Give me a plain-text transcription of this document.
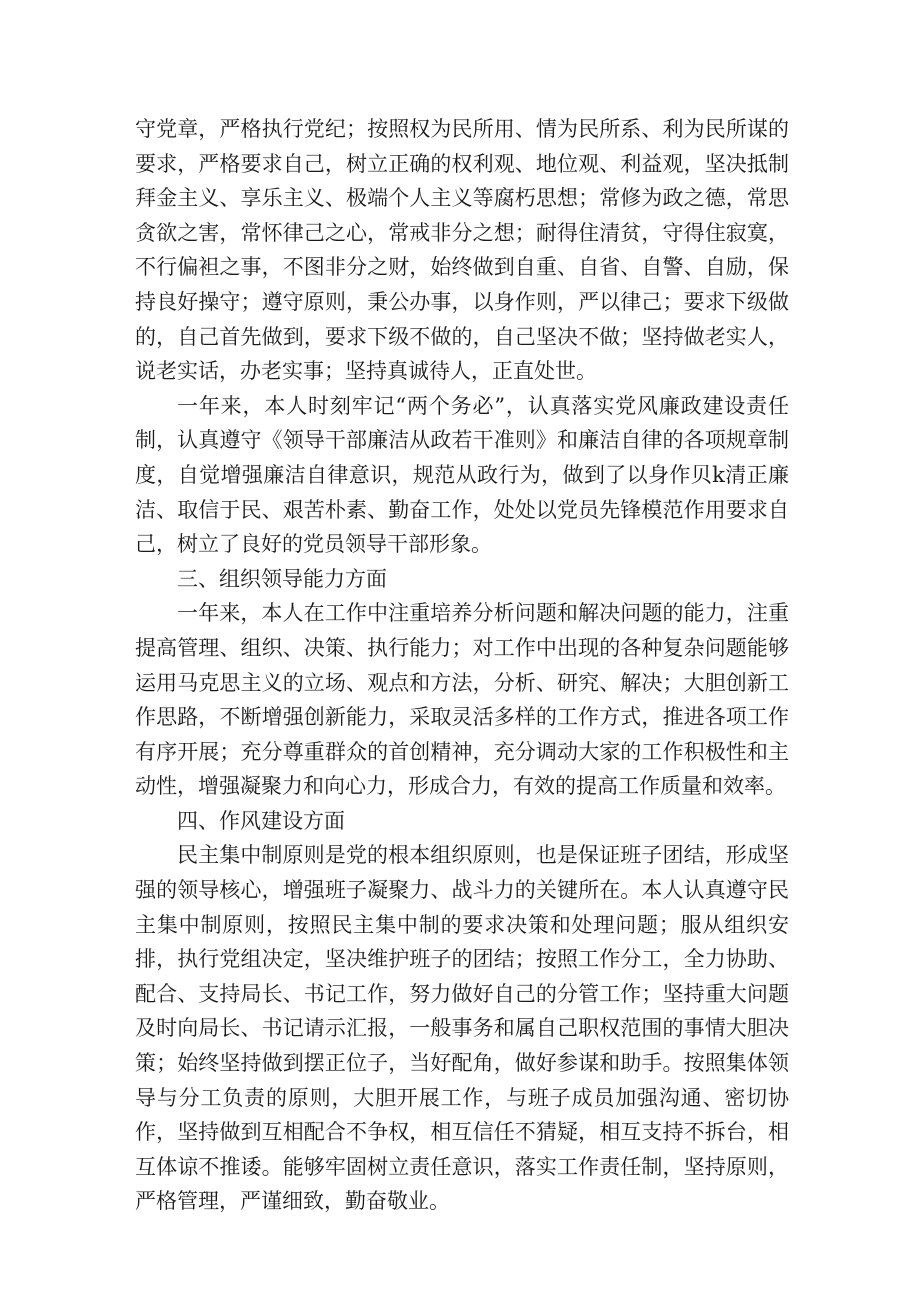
守党章，严格执行党纪；按照权为民所用、情为民所系、利为民所谋的要求，严格要求自己，树立正确的权利观、地位观、利益观，坚决抵制拜金主义、享乐主义、极端个人主义等腐朽思想；常修为政之德，常思贪欲之害，常怀律己之心，常戒非分之想；耐得住清贫，守得住寂寞，不行偏袒之事，不图非分之财，始终做到自重、自省、自警、自励，保持良好操守；遵守原则，秉公办事，以身作则，严以律己；要求下级做的，自己首先做到，要求下级不做的，自己坚决不做；坚持做老实人，说老实话，办老实事；坚持真诚待人，正直处世。

一年来，本人时刻牢记“两个务必”，认真落实党风廉政建设责任制，认真遵守《领导干部廉洁从政若干准则》和廉洁自律的各项规章制度，自觉增强廉洁自律意识，规范从政行为，做到了以身作贝k清正廉洁、取信于民、艰苦朴素、勤奋工作，处处以党员先锋模范作用要求自己，树立了良好的党员领导干部形象。

三、组织领导能力方面

一年来，本人在工作中注重培养分析问题和解决问题的能力，注重提高管理、组织、决策、执行能力；对工作中出现的各种复杂问题能够运用马克思主义的立场、观点和方法，分析、研究、解决；大胆创新工作思路，不断增强创新能力，采取灵活多样的工作方式，推进各项工作有序开展；充分尊重群众的首创精神，充分调动大家的工作积极性和主动性，增强凝聚力和向心力，形成合力，有效的提高工作质量和效率。

四、作风建设方面

民主集中制原则是党的根本组织原则，也是保证班子团结，形成坚强的领导核心，增强班子凝聚力、战斗力的关键所在。本人认真遵守民主集中制原则，按照民主集中制的要求决策和处理问题；服从组织安排，执行党组决定，坚决维护班子的团结；按照工作分工，全力协助、配合、支持局长、书记工作，努力做好自己的分管工作；坚持重大问题及时向局长、书记请示汇报，一般事务和属自己职权范围的事情大胆决策；始终坚持做到摆正位子，当好配角，做好参谋和助手。按照集体领导与分工负责的原则，大胆开展工作，与班子成员加强沟通、密切协作，坚持做到互相配合不争权，相互信任不猜疑，相互支持不拆台，相互体谅不推诿。能够牢固树立责任意识，落实工作责任制，坚持原则，严格管理，严谨细致，勤奋敬业。
